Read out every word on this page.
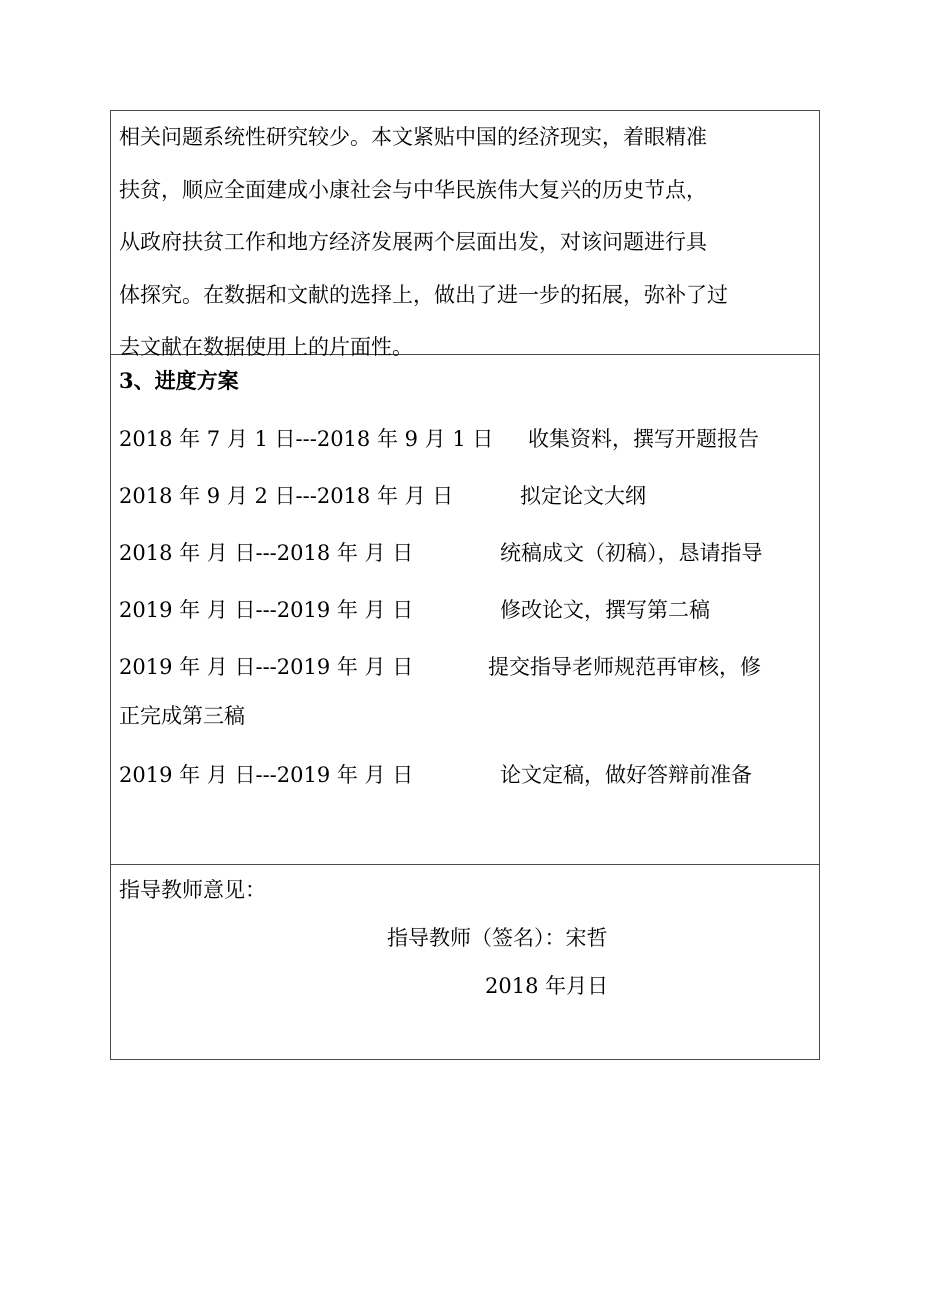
相关问题系统性研究较少。本文紧贴中国的经济现实，着眼精准
扶贫，顺应全面建成小康社会与中华民族伟大复兴的历史节点，
从政府扶贫工作和地方经济发展两个层面出发，对该问题进行具
体探究。在数据和文献的选择上，做出了进一步的拓展，弥补了过
去文献在数据使用上的片面性。
3、进度方案
2018 年 7 月 1 日---2018 年 9 月 1 日 收集资料，撰写开题报告
2018 年 9 月 2 日---2018 年 月 日	拟定论文大纲
2018 年 月 日---2018 年 月 日	统稿成文（初稿），恳请指导
2019 年 月 日---2019 年 月 日	修改论文，撰写第二稿
2019 年 月 日---2019 年 月 日	提交指导老师规范再审核，修
正完成第三稿
2019 年 月 日---2019 年 月 日	论文定稿，做好答辩前准备
指导教师意见：
指导教师（签名）：宋哲
2018 年月日
